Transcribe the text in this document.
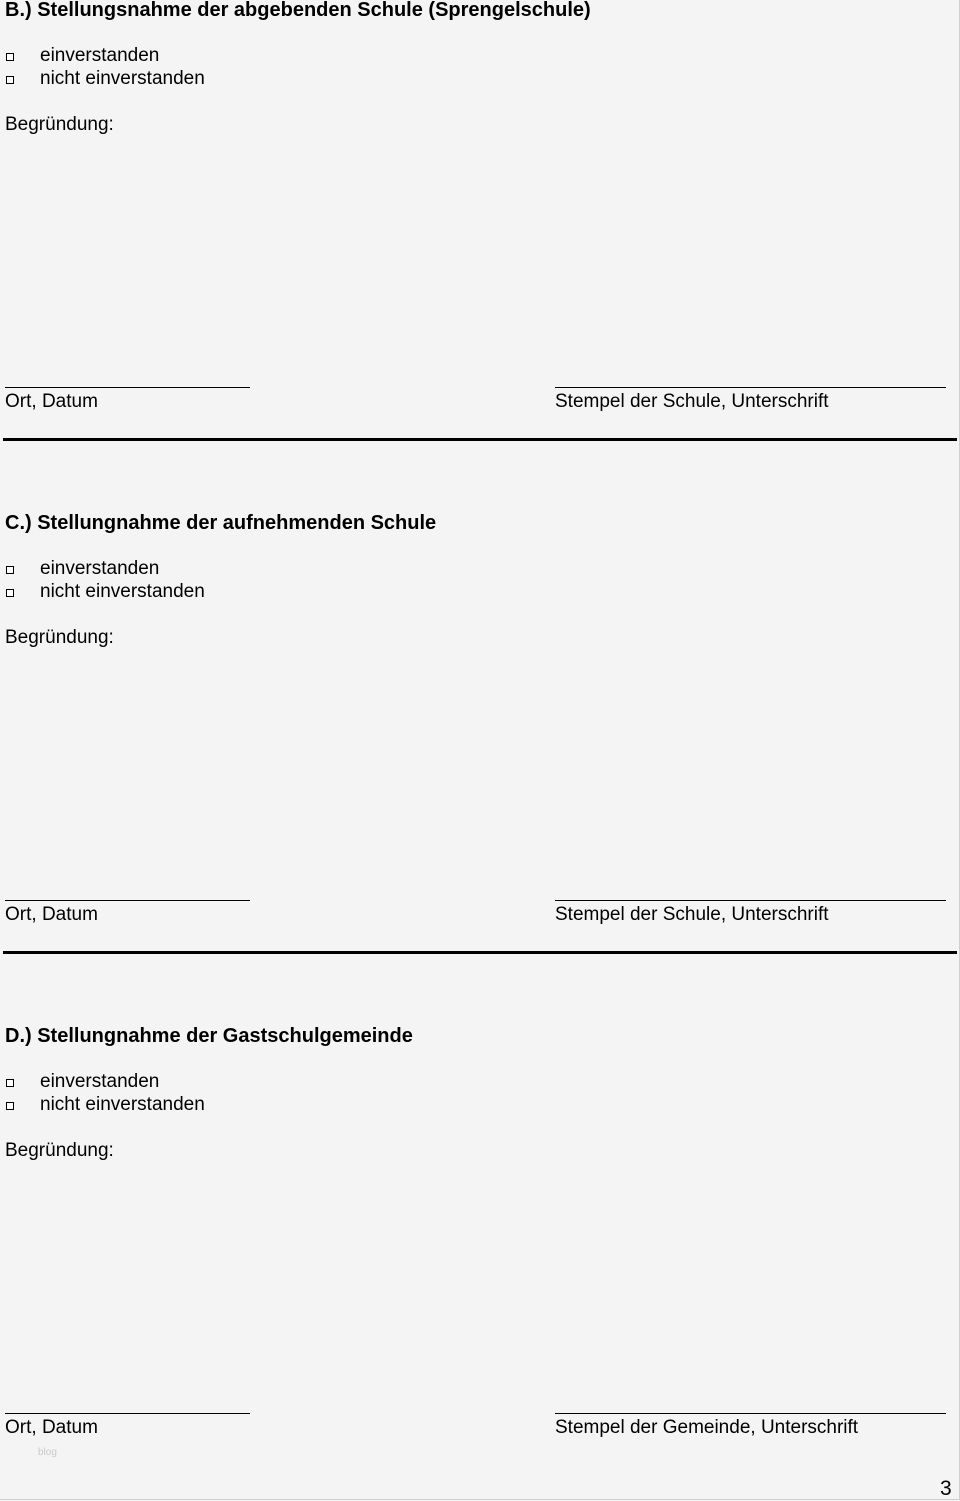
B.) Stellungsnahme der abgebenden Schule (Sprengelschule)
einverstanden
nicht einverstanden
Begründung:
Ort, Datum	Stempel der Schule, Unterschrift
C.) Stellungnahme der aufnehmenden Schule
einverstanden
nicht einverstanden
Begründung:
Ort, Datum	Stempel der Schule, Unterschrift
D.) Stellungnahme der Gastschulgemeinde
einverstanden
nicht einverstanden
Begründung:
Ort, Datum	Stempel der Gemeinde, Unterschrift
blog
3
